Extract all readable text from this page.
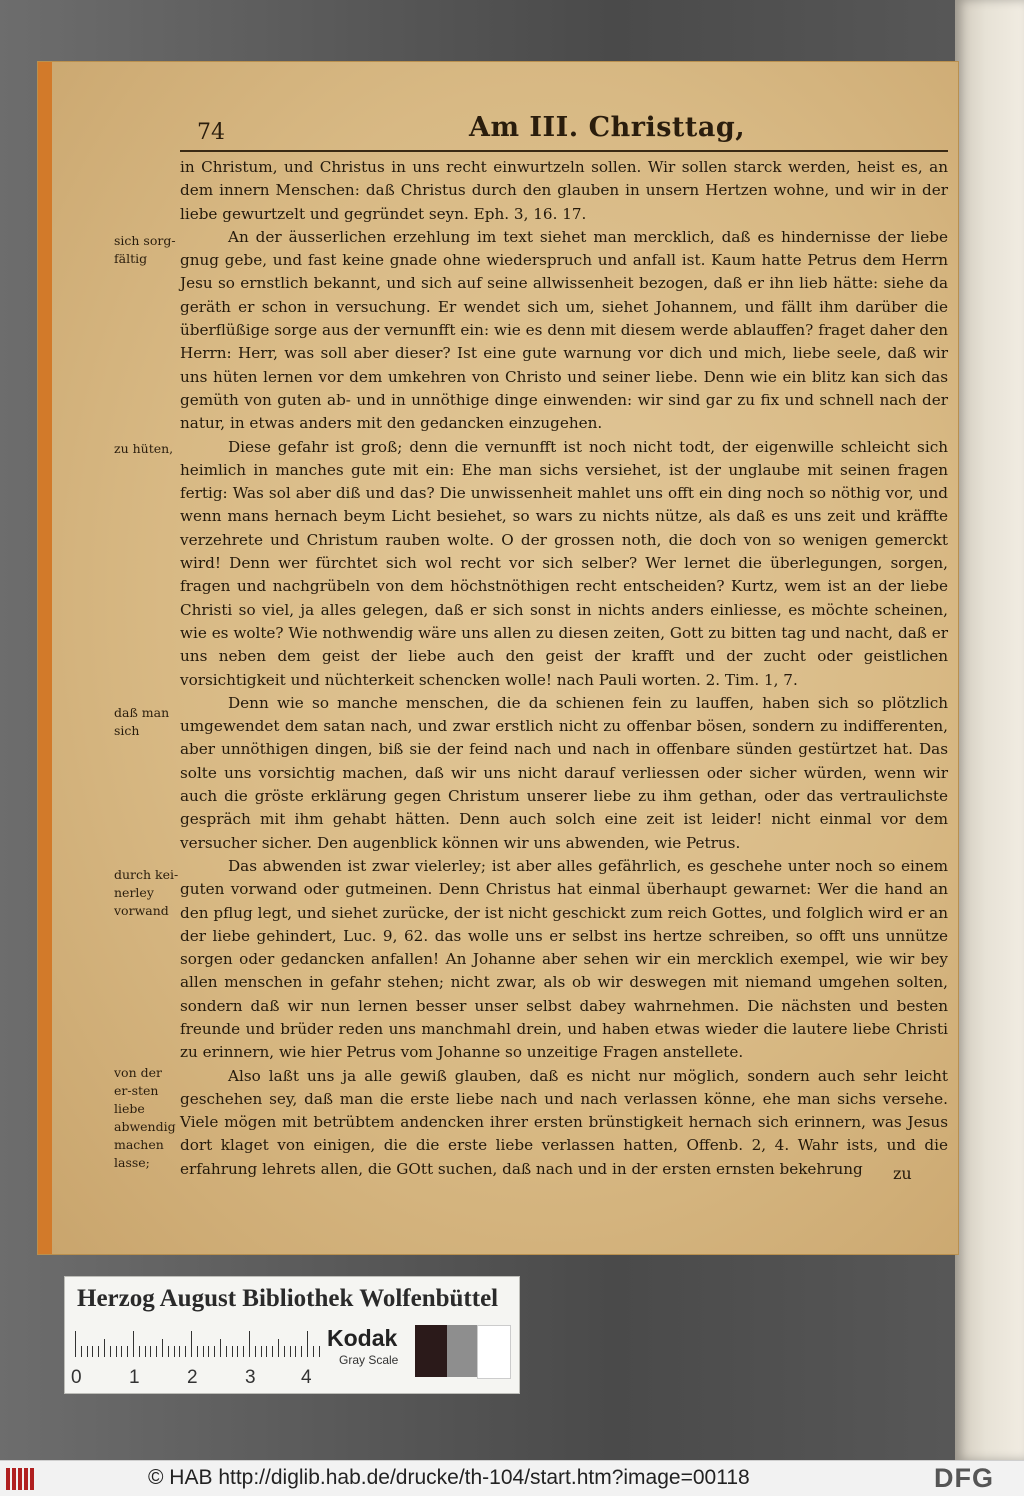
74	Am III. Christtag,

in Christum, und Christus in uns recht einwurtzeln sollen. Wir sollen starck werden, heist es, an dem innern Menschen: daß Christus durch den glauben in unsern Hertzen wohne, und wir in der liebe gewurtzelt und gegründet seyn. Eph. 3, 16. 17.

An der äusserlichen erzehlung im text siehet man mercklich, daß es hindernisse der liebe gnug gebe, und fast keine gnade ohne wiederspruch und anfall ist. Kaum hatte Petrus dem Herrn Jesu so ernstlich bekannt, und sich auf seine allwissenheit bezogen, daß er ihn lieb hätte: siehe da geräth er schon in versuchung. Er wendet sich um, siehet Johannem, und fällt ihm darüber die überflüßige sorge aus der vernunfft ein: wie es denn mit diesem werde ablauffen? fraget daher den Herrn: Herr, was soll aber dieser? Ist eine gute warnung vor dich und mich, liebe seele, daß wir uns hüten lernen vor dem umkehren von Christo und seiner liebe. Denn wie ein blitz kan sich das gemüth von guten ab- und in unnöthige dinge einwenden: wir sind gar zu fix und schnell nach der natur, in etwas anders mit den gedancken einzugehen.

Diese gefahr ist groß; denn die vernunfft ist noch nicht todt, der eigenwille schleicht sich heimlich in manches gute mit ein: Ehe man sichs versiehet, ist der unglaube mit seinen fragen fertig: Was sol aber diß und das? Die unwissenheit mahlet uns offt ein ding noch so nöthig vor, und wenn mans hernach beym Licht besiehet, so wars zu nichts nütze, als daß es uns zeit und kräffte verzehrete und Christum rauben wolte. O der grossen noth, die doch von so wenigen gemerckt wird! Denn wer fürchtet sich wol recht vor sich selber? Wer lernet die überlegungen, sorgen, fragen und nachgrübeln von dem höchstnöthigen recht entscheiden? Kurtz, wem ist an der liebe Christi so viel, ja alles gelegen, daß er sich sonst in nichts anders einliesse, es möchte scheinen, wie es wolte? Wie nothwendig wäre uns allen zu diesen zeiten, Gott zu bitten tag und nacht, daß er uns neben dem geist der liebe auch den geist der krafft und der zucht oder geistlichen vorsichtigkeit und nüchterkeit schencken wolle! nach Pauli worten. 2. Tim. 1, 7.

Denn wie so manche menschen, die da schienen fein zu lauffen, haben sich so plötzlich umgewendet dem satan nach, und zwar erstlich nicht zu offenbar bösen, sondern zu indifferenten, aber unnöthigen dingen, biß sie der feind nach und nach in offenbare sünden gestürtzet hat. Das solte uns vorsichtig machen, daß wir uns nicht darauf verliessen oder sicher würden, wenn wir auch die gröste erklärung gegen Christum unserer liebe zu ihm gethan, oder das vertraulichste gespräch mit ihm gehabt hätten. Denn auch solch eine zeit ist leider! nicht einmal vor dem versucher sicher. Den augenblick können wir uns abwenden, wie Petrus.

Das abwenden ist zwar vielerley; ist aber alles gefährlich, es geschehe unter noch so einem guten vorwand oder gutmeinen. Denn Christus hat einmal überhaupt gewarnet: Wer die hand an den pflug legt, und siehet zurücke, der ist nicht geschickt zum reich Gottes, und folglich wird er an der liebe gehindert, Luc. 9, 62. das wolle uns er selbst ins hertze schreiben, so offt uns unnütze sorgen oder gedancken anfallen! An Johanne aber sehen wir ein mercklich exempel, wie wir bey allen menschen in gefahr stehen; nicht zwar, als ob wir deswegen mit niemand umgehen solten, sondern daß wir nun lernen besser unser selbst dabey wahrnehmen. Die nächsten und besten freunde und brüder reden uns manchmahl drein, und haben etwas wieder die lautere liebe Christi zu erinnern, wie hier Petrus vom Johanne so unzeitige Fragen anstellete.

Also laßt uns ja alle gewiß glauben, daß es nicht nur möglich, sondern auch sehr leicht geschehen sey, daß man die erste liebe nach und nach verlassen könne, ehe man sichs versehe. Viele mögen mit betrübtem andencken ihrer ersten brünstigkeit hernach sich erinnern, was Jesus dort klaget von einigen, die die erste liebe verlassen hatten, Offenb. 2, 4. Wahr ists, und die erfahrung lehrets allen, die GOtt suchen, daß nach und in der ersten ernsten bekehrung

sich sorg-fältig
zu hüten,
daß man sich
durch kei-nerley vorwand
von der er-sten liebe abwendig machen lasse;
zu
Herzog August Bibliothek Wolfenbüttel
0 1 2 3 4
Kodak
Gray Scale
© HAB http://diglib.hab.de/drucke/th-104/start.htm?image=00118	DFG
